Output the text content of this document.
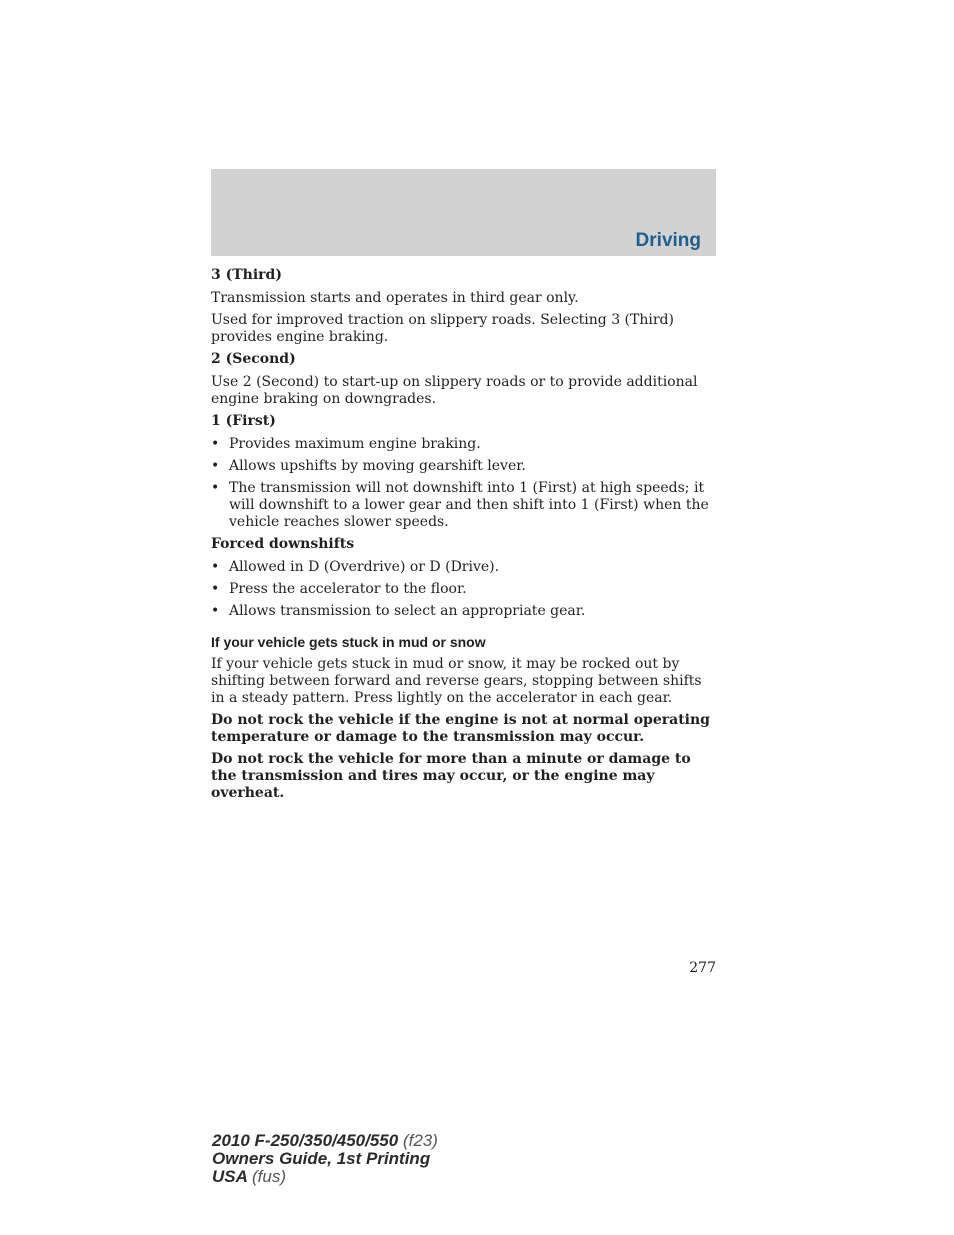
Driving

3 (Third)

Transmission starts and operates in third gear only.

Used for improved traction on slippery roads. Selecting 3 (Third) provides engine braking.

2 (Second)

Use 2 (Second) to start-up on slippery roads or to provide additional engine braking on downgrades.

1 (First)

• Provides maximum engine braking.
• Allows upshifts by moving gearshift lever.
• The transmission will not downshift into 1 (First) at high speeds; it will downshift to a lower gear and then shift into 1 (First) when the vehicle reaches slower speeds.

Forced downshifts

• Allowed in D (Overdrive) or D (Drive).
• Press the accelerator to the floor.
• Allows transmission to select an appropriate gear.

If your vehicle gets stuck in mud or snow

If your vehicle gets stuck in mud or snow, it may be rocked out by shifting between forward and reverse gears, stopping between shifts in a steady pattern. Press lightly on the accelerator in each gear.

Do not rock the vehicle if the engine is not at normal operating temperature or damage to the transmission may occur.

Do not rock the vehicle for more than a minute or damage to the transmission and tires may occur, or the engine may overheat.

277
2010 F-250/350/450/550 (f23)
Owners Guide, 1st Printing
USA (fus)
